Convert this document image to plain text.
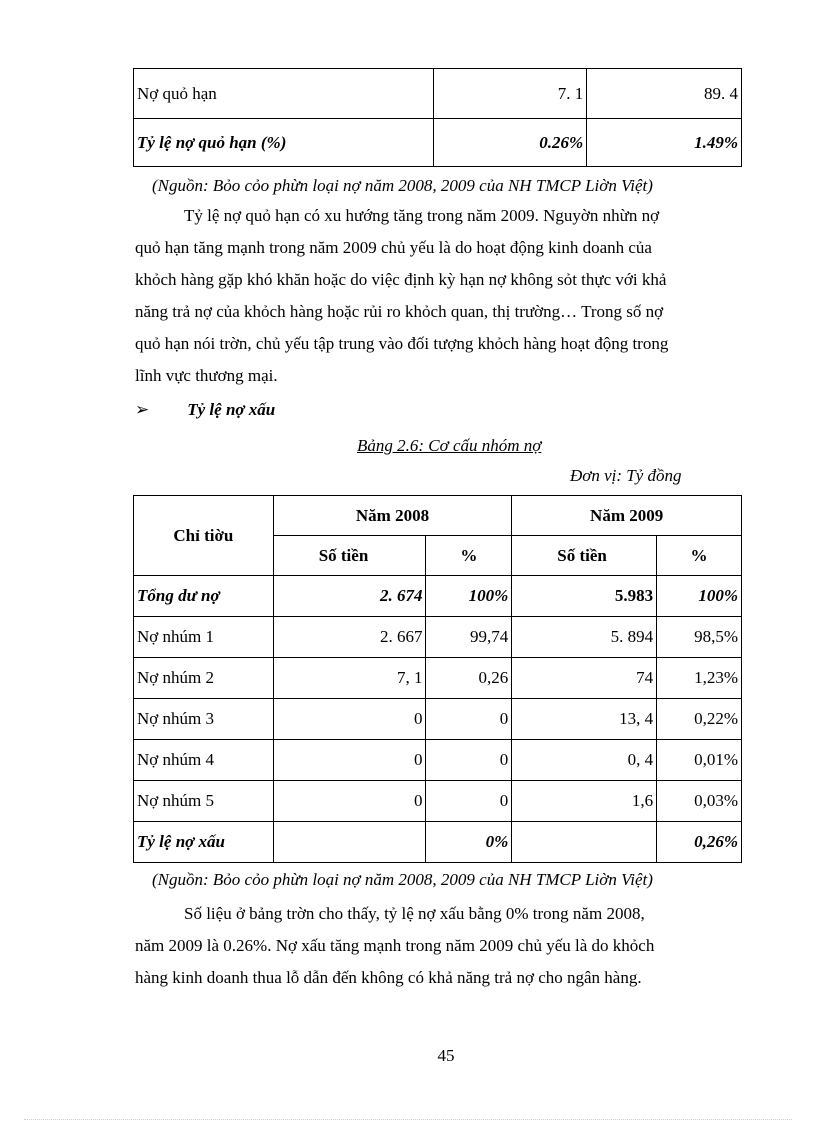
Nợ quỏ hạn	7. 1	89. 4
Tỷ lệ nợ quỏ hạn (%)	0.26%	1.49%
(Nguồn: Bỏo cỏo phừn loại nợ năm 2008, 2009 của NH TMCP Liờn Việt)
Tỷ lệ nợ quỏ hạn có xu hướng tăng trong năm 2009. Nguyờn nhừn nợ
quỏ hạn tăng mạnh trong năm 2009 chủ yếu là do hoạt động kinh doanh của
khỏch hàng gặp khó khăn hoặc do việc định kỳ hạn nợ không sỏt thực với khả
năng trả nợ của khỏch hàng hoặc rủi ro khỏch quan, thị trường… Trong số nợ
quỏ hạn nói trờn, chủ yếu tập trung vào đối tượng khỏch hàng hoạt động trong
lĩnh vực thương mại.
➢ Tỷ lệ nợ xấu
Bảng 2.6: Cơ cấu nhóm nợ
Đơn vị: Tỷ đồng
Chỉ tiờu	Năm 2008		Năm 2009	
	Số tiền	%	Số tiền	%
Tổng dư nợ	2. 674	100%	5.983	100%
Nợ nhúm 1	2. 667	99,74	5. 894	98,5%
Nợ nhúm 2	7, 1	0,26	74	1,23%
Nợ nhúm 3	0	0	13, 4	0,22%
Nợ nhúm 4	0	0	0, 4	0,01%
Nợ nhúm 5	0	0	1,6	0,03%
Tỷ lệ nợ xấu		0%		0,26%
(Nguồn: Bỏo cỏo phừn loại nợ năm 2008, 2009 của NH TMCP Liờn Việt)
Số liệu ở bảng trờn cho thấy, tỷ lệ nợ xấu bằng 0% trong năm 2008,
năm 2009 là 0.26%. Nợ xấu tăng mạnh trong năm 2009 chủ yếu là do khỏch
hàng kinh doanh thua lỗ dẫn đến không có khả năng trả nợ cho ngân hàng.
45
